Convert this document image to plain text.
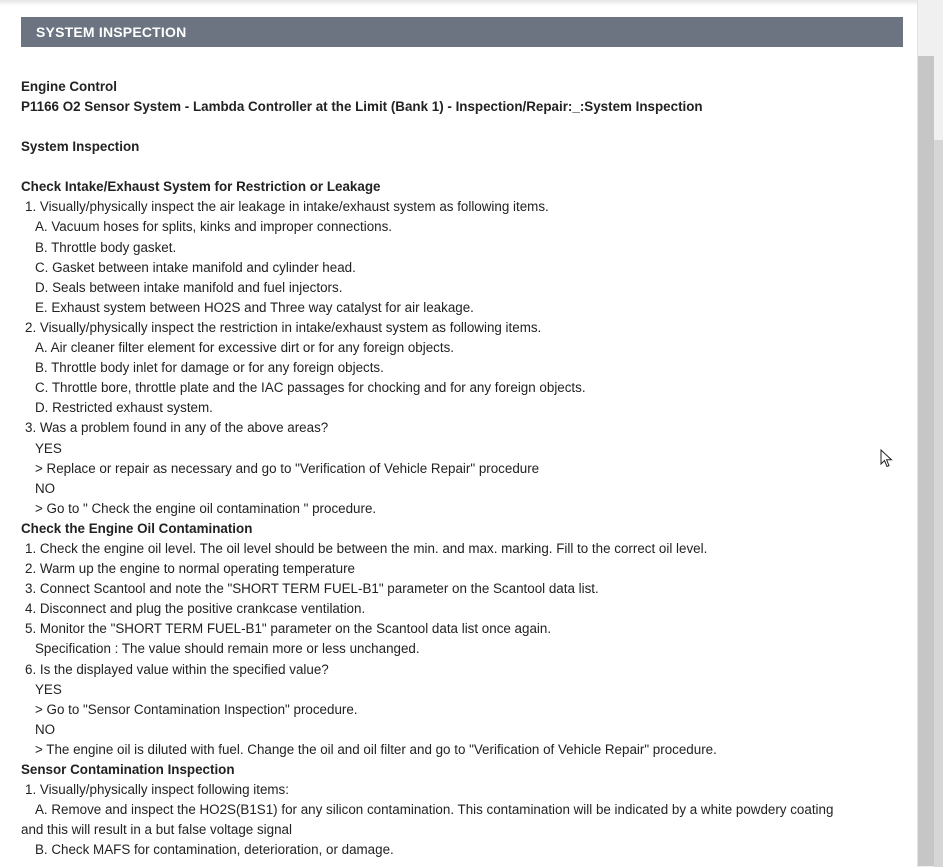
SYSTEM INSPECTION

Engine Control

P1166 O2 Sensor System - Lambda Controller at the Limit (Bank 1) - Inspection/Repair:_:System Inspection

System Inspection

Check Intake/Exhaust System for Restriction or Leakage

1. Visually/physically inspect the air leakage in intake/exhaust system as following items.

A. Vacuum hoses for splits, kinks and improper connections.

B. Throttle body gasket.

C. Gasket between intake manifold and cylinder head.

D. Seals between intake manifold and fuel injectors.

E. Exhaust system between HO2S and Three way catalyst for air leakage.

2. Visually/physically inspect the restriction in intake/exhaust system as following items.

A. Air cleaner filter element for excessive dirt or for any foreign objects.

B. Throttle body inlet for damage or for any foreign objects.

C. Throttle bore, throttle plate and the IAC passages for chocking and for any foreign objects.

D. Restricted exhaust system.

3. Was a problem found in any of the above areas?

YES

> Replace or repair as necessary and go to "Verification of Vehicle Repair" procedure

NO

> Go to " Check the engine oil contamination " procedure.

Check the Engine Oil Contamination

1. Check the engine oil level. The oil level should be between the min. and max. marking. Fill to the correct oil level.

2. Warm up the engine to normal operating temperature

3. Connect Scantool and note the "SHORT TERM FUEL-B1" parameter on the Scantool data list.

4. Disconnect and plug the positive crankcase ventilation.

5. Monitor the "SHORT TERM FUEL-B1" parameter on the Scantool data list once again.

Specification : The value should remain more or less unchanged.

6. Is the displayed value within the specified value?

YES

> Go to "Sensor Contamination Inspection" procedure.

NO

> The engine oil is diluted with fuel. Change the oil and oil filter and go to "Verification of Vehicle Repair" procedure.

Sensor Contamination Inspection

1. Visually/physically inspect following items:

A. Remove and inspect the HO2S(B1S1) for any silicon contamination. This contamination will be indicated by a white powdery coating

and this will result in a but false voltage signal

B. Check MAFS for contamination, deterioration, or damage.
